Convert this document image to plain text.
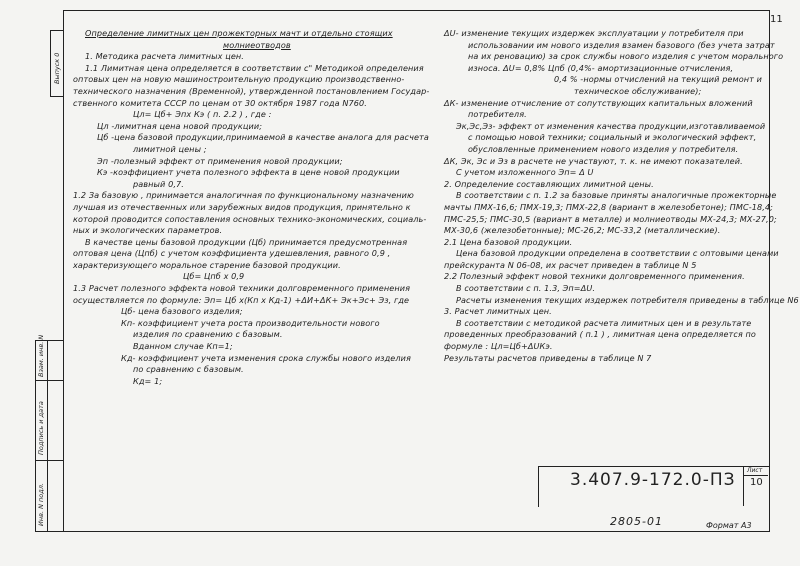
11
Выпуск 0
Инв. N подл.
Подпись и дата
Взам. инв. N

Определение лимитных цен прожекторных мачт и отдельно стоящих

молниеотводов

1. Методика расчета лимитных цен.

1.1 Лимитная цена определяется в соответствии с" Методикой определения

оптовых цен на новую машиностроительную продукцию производственно-

технического назначения (Временной), утвержденной постановлением Государ-

ственного комитета СССР по ценам от 30 октября 1987 года N760.

Цл= Цб+ Эпх Кэ ( п. 2.2 ) , где :

Цл -лимитная цена новой продукции;

Цб -цена базовой продукции,принимаемой в качестве аналога для расчета

лимитной цены ;

Эп -полезный эффект от применения новой продукции;

Кэ -коэффициент учета полезного эффекта в цене новой продукции

равный 0,7.

1.2 За базовую , принимается аналогичная по функциональному назначению

лучшая из отечественных или зарубежных видов продукция, принятельно к

которой проводится сопоставления основных технико-экономических, социаль-

ных и экологических параметров.

В качестве цены базовой продукции (Цб) принимается предусмотренная

оптовая цена (Цпб) с учетом коэффициента удешевления, равного 0,9 ,

характеризующего моральное старение базовой продукции.

Цб= Цпб х 0,9

1.3 Расчет полезного эффекта новой техники долговременного применения

осуществляется по формуле: Эп= Цб х(Кп х Кд-1) +ΔИ+ΔК+ Эк+Эс+ Эз, где

Цб- цена базового изделия;

Кп- коэффициент учета роста производительности нового

изделия по сравнению с базовым.

Вданном случае Кп=1;

Кд- коэффициент учета изменения срока службы нового изделия

по сравнению с базовым.

Кд= 1;

ΔU- изменение текущих издержек эксплуатации у потребителя при

использовании им нового изделия взамен базового (без учета затрат

на их реновацию) за срок службы нового изделия с учетом морального

износа. ΔU= 0,8% Цпб (0,4%- амортизационные отчисления,

0,4 % -нормы отчислений на текущий ремонт и

техническое обслуживание);

ΔК- изменение отчисление от сопутствующих капитальных вложений

потребителя.

Эк,Эс,Эз- эффект от изменения качества продукции,изготавливаемой

с помощью новой техники; социальный и экологический эффект,

обусловленные применением нового изделия у потребителя.

ΔК, Эк, Эс и Эз в расчете не участвуют, т. к. не имеют показателей.

С учетом изложенного Эп= Δ U

2. Определение составляющих лимитной цены.

В соответствии с п. 1.2 за базовые приняты аналогичные прожекторные

мачты ПМХ-16,6; ПМХ-19,3; ПМХ-22,8 (вариант в железобетоне); ПМС-18,4;

ПМС-25,5; ПМС-30,5 (вариант в металле) и молниеотводы МХ-24,3; МХ-27,0;

МХ-30,6 (железобетонные); МС-26,2; МС-33,2 (металлические).

2.1 Цена базовой продукции.

Цена базовой продукции определена в соответствии с оптовыми ценами

прейскуранта N 06-08, их расчет приведен в таблице N 5

2.2 Полезный эффект новой техники долговременного применения.

В соответствии с п. 1.3, Эп=ΔU.

Расчеты изменения текущих издержек потребителя приведены в таблице N6

3. Расчет лимитных цен.

В соответствии с методикой расчета лимитных цен и в результате

проведенных преобразований ( п.1 ) , лимитная цена определяется по

формуле : Цл=Цб+ΔUКэ.

Результаты расчетов приведены в таблице N 7

3.407.9-172.0-ПЗ Лист
10
2805-01	Формат А3
